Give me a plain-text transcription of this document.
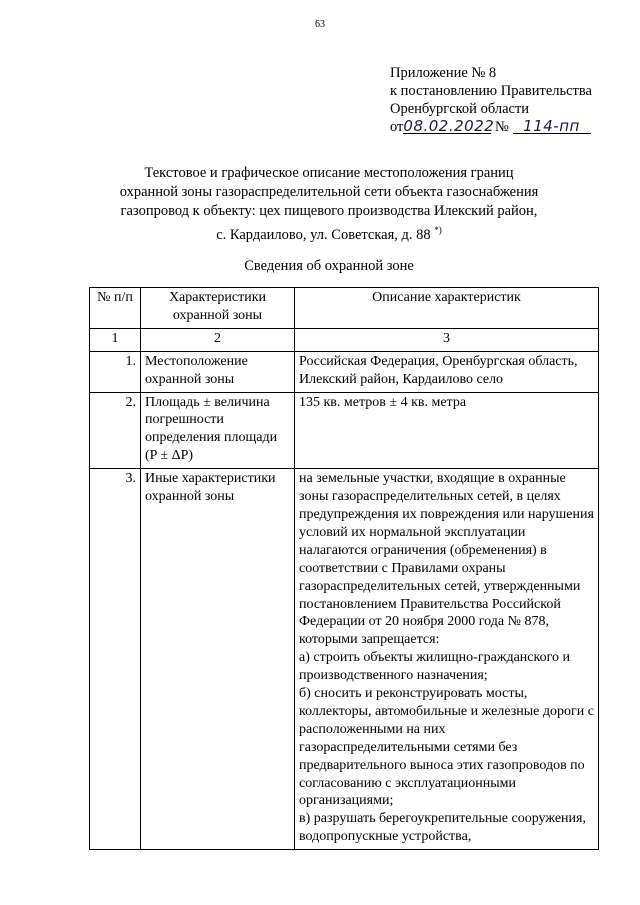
63
Приложение № 8
к постановлению Правительства
Оренбургской области
от08.02.2022 № 114-пп
Текстовое и графическое описание местоположения границ
охранной зоны газораспределительной сети объекта газоснабжения
газопровод к объекту: цех пищевого производства Илекский район,
с. Кардаилово, ул. Советская, д. 88 *)
Сведения об охранной зоне
№ п/п	Характеристики охранной зоны	Описание характеристик
1	2	3
1.	Местоположение охранной зоны	Российская Федерация, Оренбургская область, Илекский район, Кардаилово село

2.	Площадь ± величина погрешности определения площади (P ± ΔP)	135 кв. метров ± 4 кв. метра

3.	Иные характеристики охранной зоны	на земельные участки, входящие в охранные зоны газораспределительных сетей, в целях предупреждения их повреждения или нарушения условий их нормальной эксплуатации налагаются ограничения (обременения) в соответствии с Правилами охраны газораспределительных сетей, утвержденными постановлением Правительства Российской Федерации от 20 ноября 2000 года № 878, которыми запрещается:
а) строить объекты жилищно-гражданского и производственного назначения;
б) сносить и реконструировать мосты, коллекторы, автомобильные и железные дороги с расположенными на них газораспределительными сетями без предварительного выноса этих газопроводов по согласованию с эксплуатационными организациями;
в) разрушать берегоукрепительные сооружения, водопропускные устройства,
